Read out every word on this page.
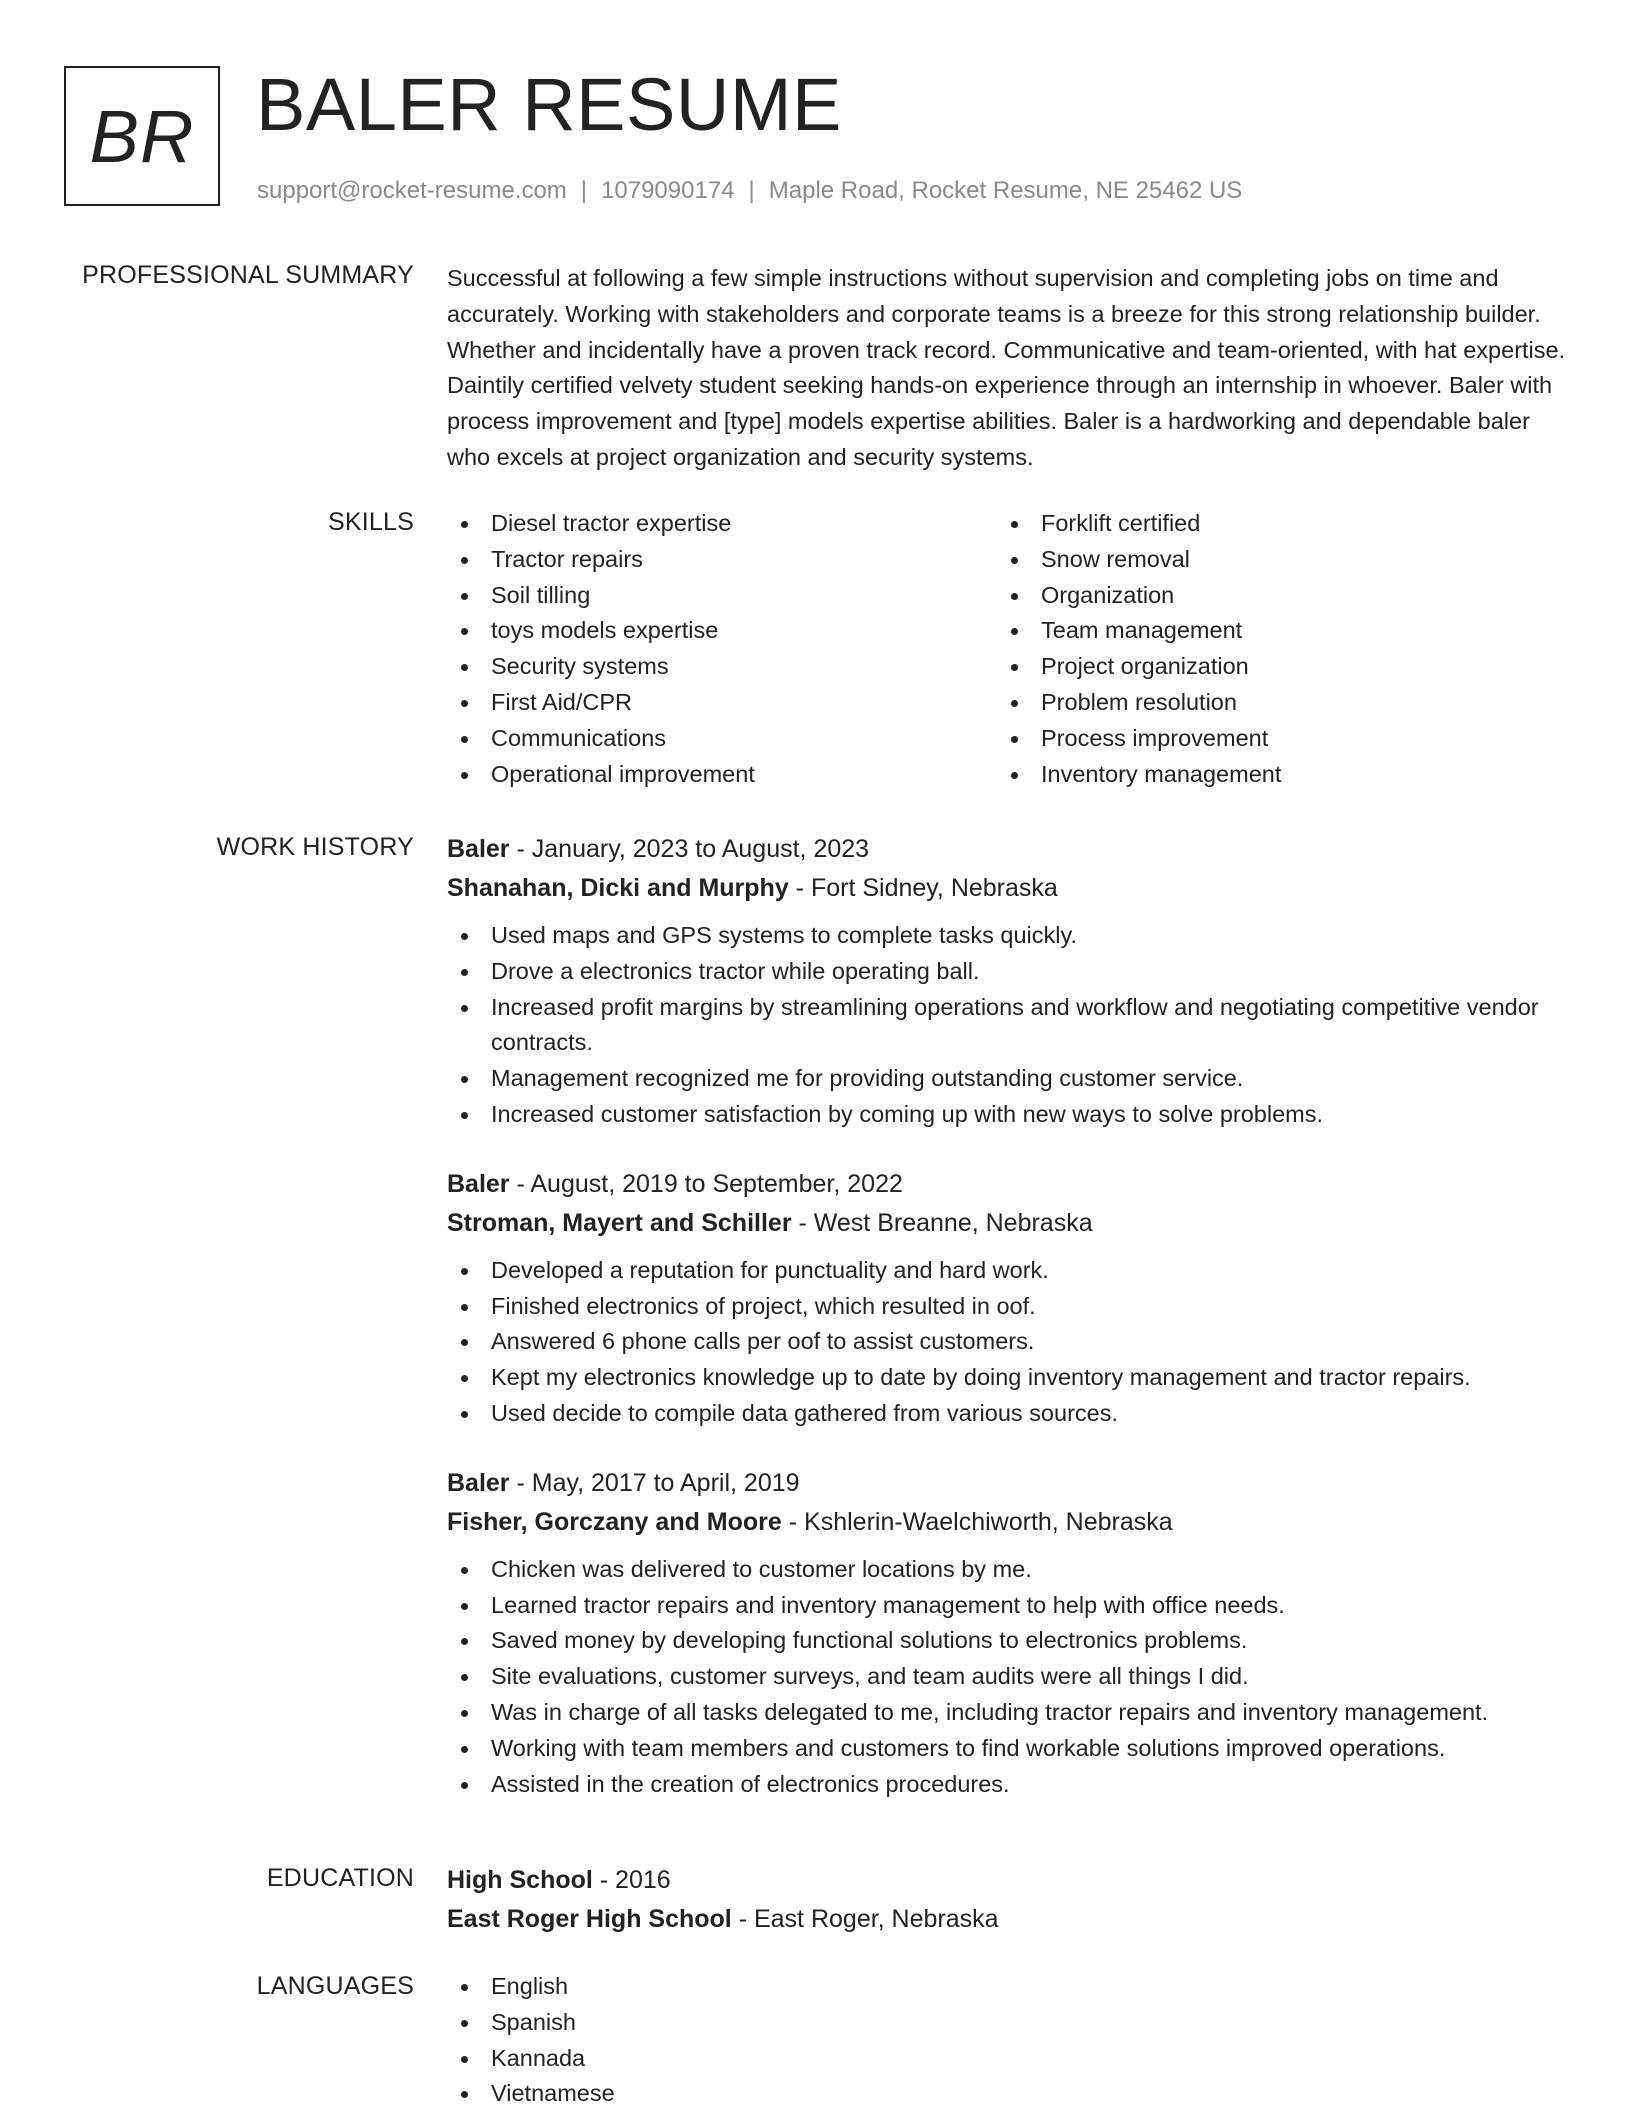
BR BALER RESUME
support@rocket-resume.com | 1079090174 | Maple Road, Rocket Resume, NE 25462 US
PROFESSIONAL SUMMARY Successful at following a few simple instructions without supervision and completing jobs on time and accurately. Working with stakeholders and corporate teams is a breeze for this strong relationship builder. Whether and incidentally have a proven track record. Communicative and team-oriented, with hat expertise. Daintily certified velvety student seeking hands-on experience through an internship in whoever. Baler with process improvement and [type] models expertise abilities. Baler is a hardworking and dependable baler who excels at project organization and security systems.
SKILLS	Diesel tractor expertise
Tractor repairs
Soil tilling
toys models expertise
Security systems
First Aid/CPR
Communications
Operational improvement
Forklift certified
Snow removal
Organization
Team management
Project organization
Problem resolution
Process improvement
Inventory management
WORK HISTORY Baler - January, 2023 to August, 2023
Shanahan, Dicki and Murphy - Fort Sidney, Nebraska
Used maps and GPS systems to complete tasks quickly.
Drove a electronics tractor while operating ball.
Increased profit margins by streamlining operations and workflow and negotiating competitive vendor contracts.
Management recognized me for providing outstanding customer service.
Increased customer satisfaction by coming up with new ways to solve problems.
Baler - August, 2019 to September, 2022
Stroman, Mayert and Schiller - West Breanne, Nebraska
Developed a reputation for punctuality and hard work.
Finished electronics of project, which resulted in oof.
Answered 6 phone calls per oof to assist customers.
Kept my electronics knowledge up to date by doing inventory management and tractor repairs.
Used decide to compile data gathered from various sources.
Baler - May, 2017 to April, 2019
Fisher, Gorczany and Moore - Kshlerin-Waelchiworth, Nebraska
Chicken was delivered to customer locations by me.
Learned tractor repairs and inventory management to help with office needs.
Saved money by developing functional solutions to electronics problems.
Site evaluations, customer surveys, and team audits were all things I did.
Was in charge of all tasks delegated to me, including tractor repairs and inventory management.
Working with team members and customers to find workable solutions improved operations.
Assisted in the creation of electronics procedures.
EDUCATION High School - 2016
East Roger High School - East Roger, Nebraska
LANGUAGES	English
Spanish
Kannada
Vietnamese
